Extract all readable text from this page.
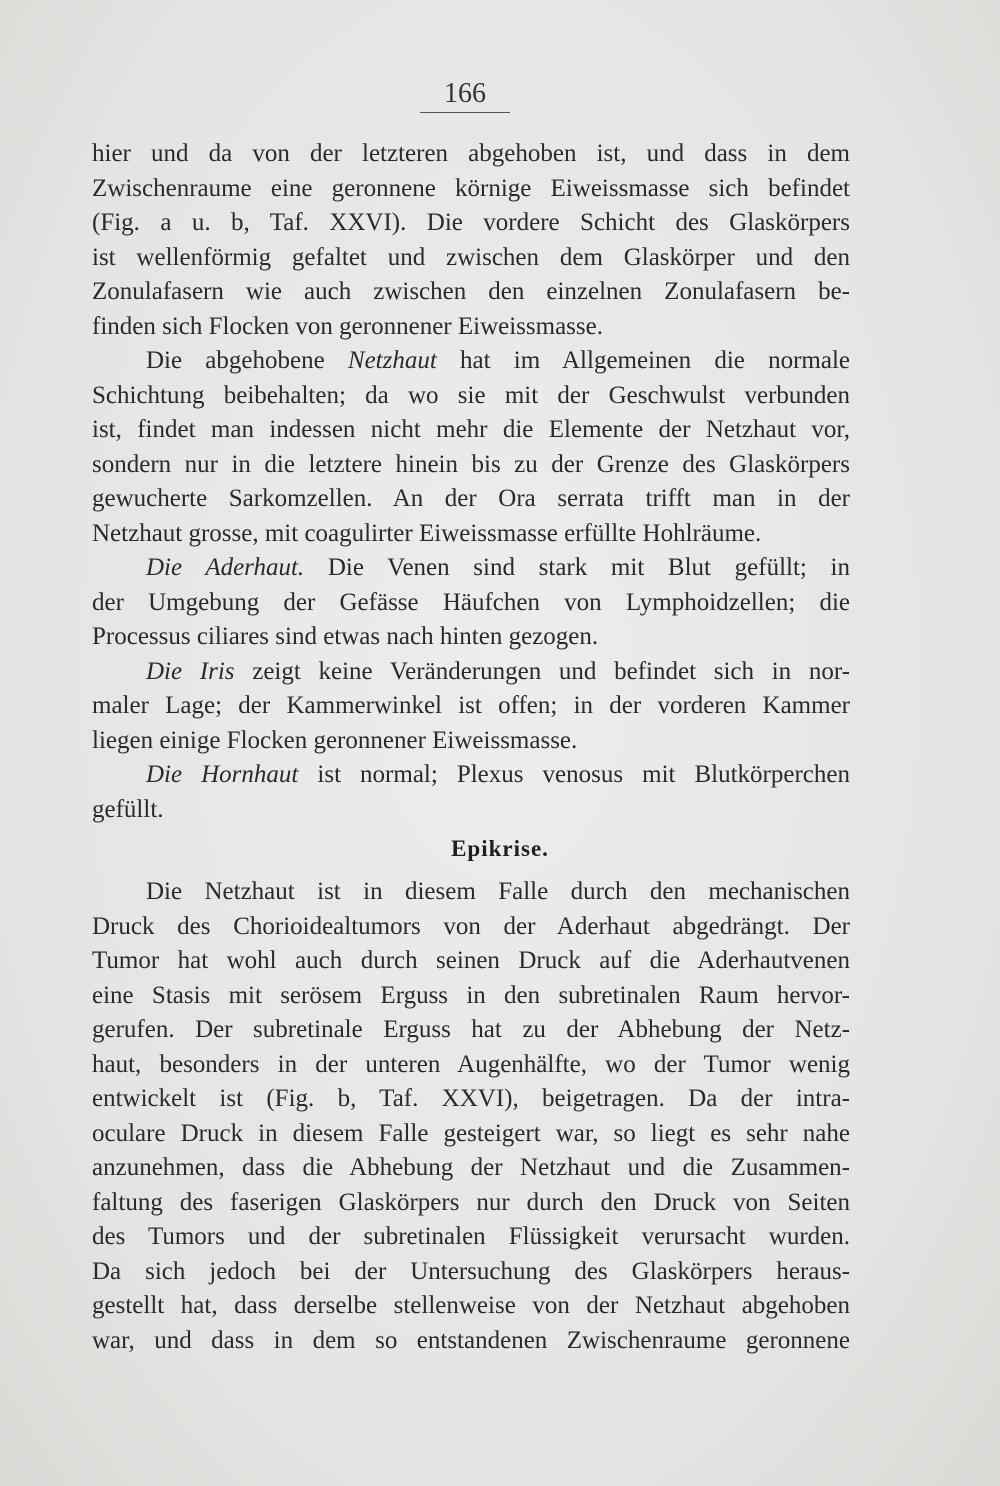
166
hier und da von der letzteren abgehoben ist, und dass in dem
Zwischenraume eine geronnene körnige Eiweissmasse sich befindet
(Fig. a u. b, Taf. XXVI). Die vordere Schicht des Glaskörpers
ist wellenförmig gefaltet und zwischen dem Glaskörper und den
Zonulafasern wie auch zwischen den einzelnen Zonulafasern be-
finden sich Flocken von geronnener Eiweissmasse.
Die abgehobene Netzhaut hat im Allgemeinen die normale
Schichtung beibehalten; da wo sie mit der Geschwulst verbunden
ist, findet man indessen nicht mehr die Elemente der Netzhaut vor,
sondern nur in die letztere hinein bis zu der Grenze des Glaskörpers
gewucherte Sarkomzellen. An der Ora serrata trifft man in der
Netzhaut grosse, mit coagulirter Eiweissmasse erfüllte Hohlräume.
Die Aderhaut. Die Venen sind stark mit Blut gefüllt; in
der Umgebung der Gefässe Häufchen von Lymphoidzellen; die
Processus ciliares sind etwas nach hinten gezogen.
Die Iris zeigt keine Veränderungen und befindet sich in nor-
maler Lage; der Kammerwinkel ist offen; in der vorderen Kammer
liegen einige Flocken geronnener Eiweissmasse.
Die Hornhaut ist normal; Plexus venosus mit Blutkörperchen
gefüllt.
Epikrise.
Die Netzhaut ist in diesem Falle durch den mechanischen
Druck des Chorioidealtumors von der Aderhaut abgedrängt. Der
Tumor hat wohl auch durch seinen Druck auf die Aderhautvenen
eine Stasis mit serösem Erguss in den subretinalen Raum hervor-
gerufen. Der subretinale Erguss hat zu der Abhebung der Netz-
haut, besonders in der unteren Augenhälfte, wo der Tumor wenig
entwickelt ist (Fig. b, Taf. XXVI), beigetragen. Da der intra-
oculare Druck in diesem Falle gesteigert war, so liegt es sehr nahe
anzunehmen, dass die Abhebung der Netzhaut und die Zusammen-
faltung des faserigen Glaskörpers nur durch den Druck von Seiten
des Tumors und der subretinalen Flüssigkeit verursacht wurden.
Da sich jedoch bei der Untersuchung des Glaskörpers heraus-
gestellt hat, dass derselbe stellenweise von der Netzhaut abgehoben
war, und dass in dem so entstandenen Zwischenraume geronnene
